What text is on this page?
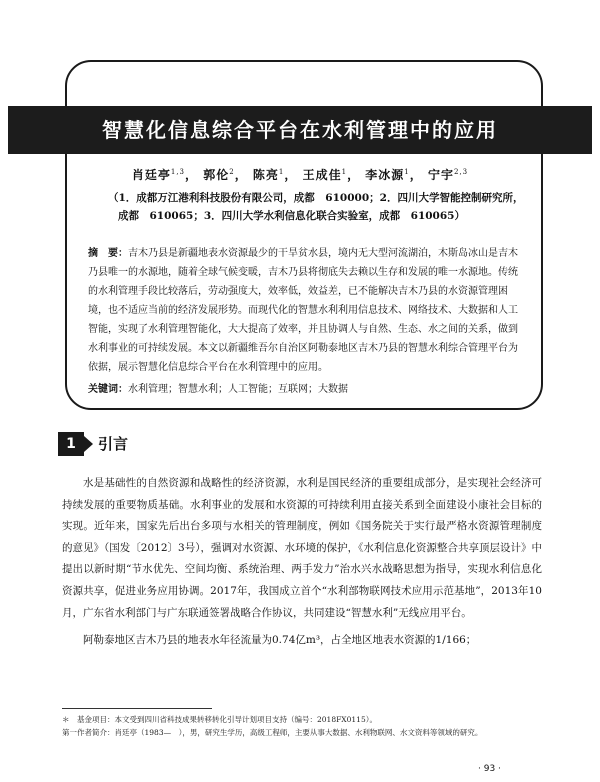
智慧化信息综合平台在水利管理中的应用
肖廷亭$^{1,3}$， 郭伦$^2$， 陈亮$^1$， 王成佳$^1$， 李冰源$^1$， 宁宇$^{2,3}$
（1．成都万江港利科技股份有限公司，成都　610000；2．四川大学智能控制研究所，
成都　610065；3．四川大学水利信息化联合实验室，成都　610065）

摘　要：吉木乃县是新疆地表水资源最少的干旱贫水县，境内无大型河流湖泊，木斯岛冰山是吉木乃县唯一的水源地，随着全球气候变暖，吉木乃县将彻底失去赖以生存和发展的唯一水源地。传统的水利管理手段比较落后，劳动强度大，效率低，效益差，已不能解决吉木乃县的水资源管理困境，也不适应当前的经济发展形势。而现代化的智慧水利利用信息技术、网络技术、大数据和人工智能，实现了水利管理智能化，大大提高了效率，并且协调人与自然、生态、水之间的关系，做到水利事业的可持续发展。本文以新疆维吾尔自治区阿勒泰地区吉木乃县的智慧水利综合管理平台为依据，展示智慧化信息综合平台在水利管理中的应用。

关键词：水利管理；智慧水利；人工智能；互联网；大数据
1	引言

水是基础性的自然资源和战略性的经济资源，水利是国民经济的重要组成部分，是实现社会经济可持续发展的重要物质基础。水利事业的发展和水资源的可持续利用直接关系到全面建设小康社会目标的实现。近年来，国家先后出台多项与水相关的管理制度，例如《国务院关于实行最严格水资源管理制度的意见》（国发〔2012〕3号），强调对水资源、水环境的保护，《水利信息化资源整合共享顶层设计》中提出以新时期“节水优先、空间均衡、系统治理、两手发力”治水兴水战略思想为指导，实现水利信息化资源共享，促进业务应用协调。2017年，我国成立首个“水利部物联网技术应用示范基地”，2013年10月，广东省水利部门与广东联通签署战略合作协议，共同建设“智慧水利”无线应用平台。

阿勒泰地区吉木乃县的地表水年径流量为0.74亿m³，占全地区地表水资源的1/166；

＊　基金项目：本文受到四川省科技成果转移转化引导计划项目支持（编号：2018FX0115）。

第一作者简介：肖廷亭（1983—　），男，研究生学历，高级工程师，主要从事大数据、水利物联网、水文资料等领域的研究。

· 93 ·
